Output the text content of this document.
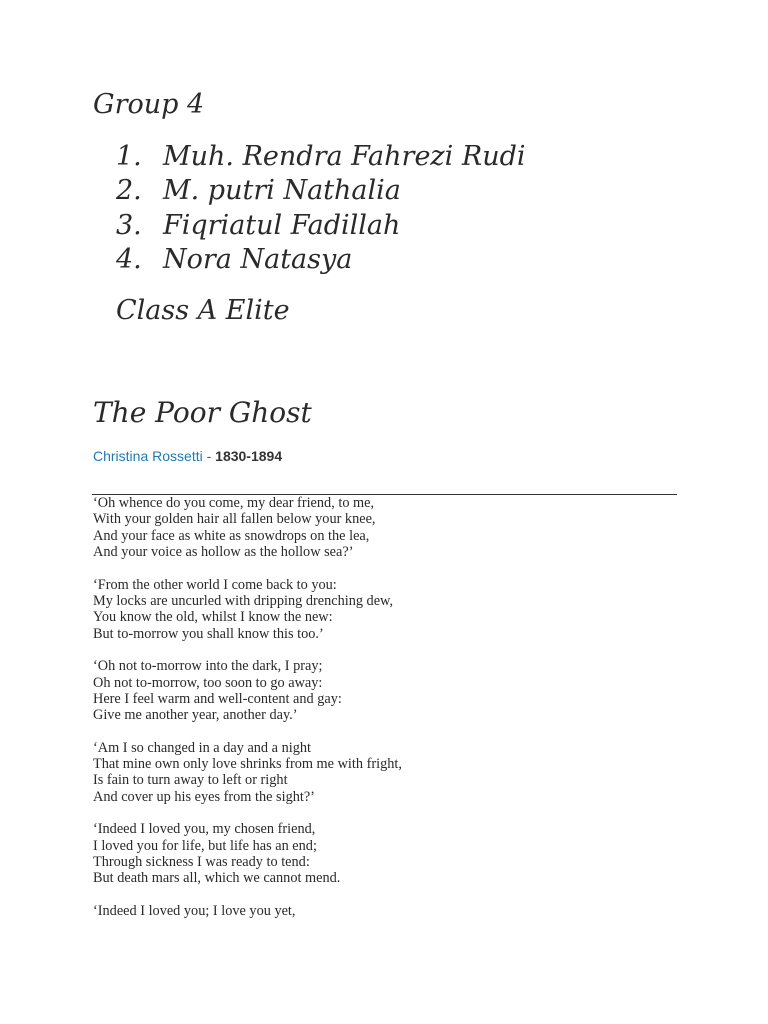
Group 4
1. Muh. Rendra Fahrezi Rudi
2. M. putri Nathalia
3. Fiqriatul Fadillah
4. Nora Natasya

Class A Elite

The Poor Ghost

Christina Rossetti - 1830-1894

‘Oh whence do you come, my dear friend, to me,
With your golden hair all fallen below your knee,
And your face as white as snowdrops on the lea,
And your voice as hollow as the hollow sea?’
‘From the other world I come back to you:
My locks are uncurled with dripping drenching dew,
You know the old, whilst I know the new:
But to-morrow you shall know this too.’
‘Oh not to-morrow into the dark, I pray;
Oh not to-morrow, too soon to go away:
Here I feel warm and well-content and gay:
Give me another year, another day.’
‘Am I so changed in a day and a night
That mine own only love shrinks from me with fright,
Is fain to turn away to left or right
And cover up his eyes from the sight?’
‘Indeed I loved you, my chosen friend,
I loved you for life, but life has an end;
Through sickness I was ready to tend:
But death mars all, which we cannot mend.
‘Indeed I loved you; I love you yet,
